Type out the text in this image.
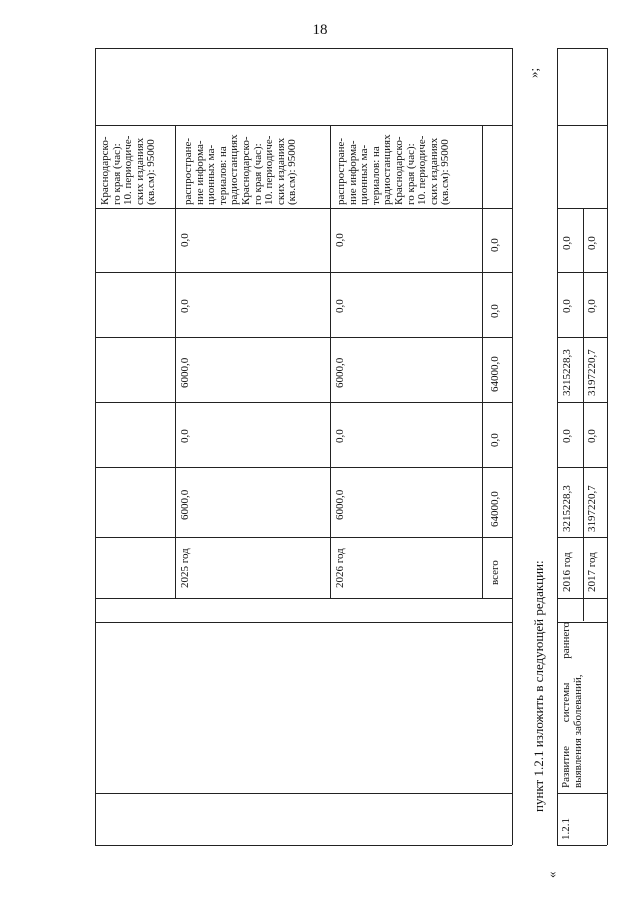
18
Краснодарско-
го края (час):
10. периодиче-
ских изданиях
(кв.см): 95000 распростране-
ние информа-
ционных ма-
териалов: на
радиостанциях
Краснодарско-
го края (час):
10. периодиче-
ских изданиях
(кв.см): 95000	распростране-
ние информа-
ционных ма-
териалов: на
радиостанциях
Краснодарско-
го края (час):
10. периодиче-
ских изданиях
(кв.см): 95000
0,0
0,0
6000,0
0,0
6000,0
2025 год
0,0
0,0
6000,0
0,0
6000,0
2026 год
0,0
0,0
64000,0
0,0
64000,0
всего
»;
пункт 1.2.1 изложить в следующей редакции:
1.2.1
Развитие системы раннего выявления заболеваний,
2016 год
3215228,3
0,0
3215228,3
0,0
0,0
2017 год
3197220,7
0,0
3197220,7
0,0
0,0
«
